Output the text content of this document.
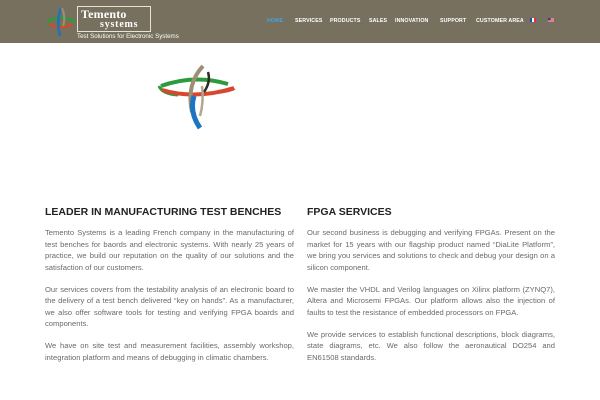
Temento
systems
Test Solutions for Electronic Systems
HOME SERVICES PRODUCTS SALES INNOVATION SUPPORT CUSTOMER AREA
LEADER IN MANUFACTURING TEST BENCHES

Temento Systems is a leading French company in the manufacturing of test benches for baords and electronic systems. With nearly 25 years of practice, we build our reputation on the quality of our solutions and the satisfaction of our customers.

Our services covers from the testability analysis of an electronic board to the delivery of a test bench delivered “key on hands”. As a manufacturer, we also offer software tools for testing and verifying FPGA boards and components.

We have on site test and measurement facilities, assembly workshop, integration platform and means of debugging in climatic chambers.

FPGA SERVICES

Our second business is debugging and verifying FPGAs. Present on the market for 15 years with our flagship product named “DiaLite Platform”, we bring you services and solutions to check and debug your design on a silicon component.

We master the VHDL and Verilog languages on Xilinx platform (ZYNQ7), Altera and Microsemi FPGAs. Our platform allows also the injection of faults to test the resistance of embedded processors on FPGA.

We provide services to establish functional descriptions, block diagrams, state diagrams, etc. We also follow the aeronautical DO254 and EN61508 standards.
